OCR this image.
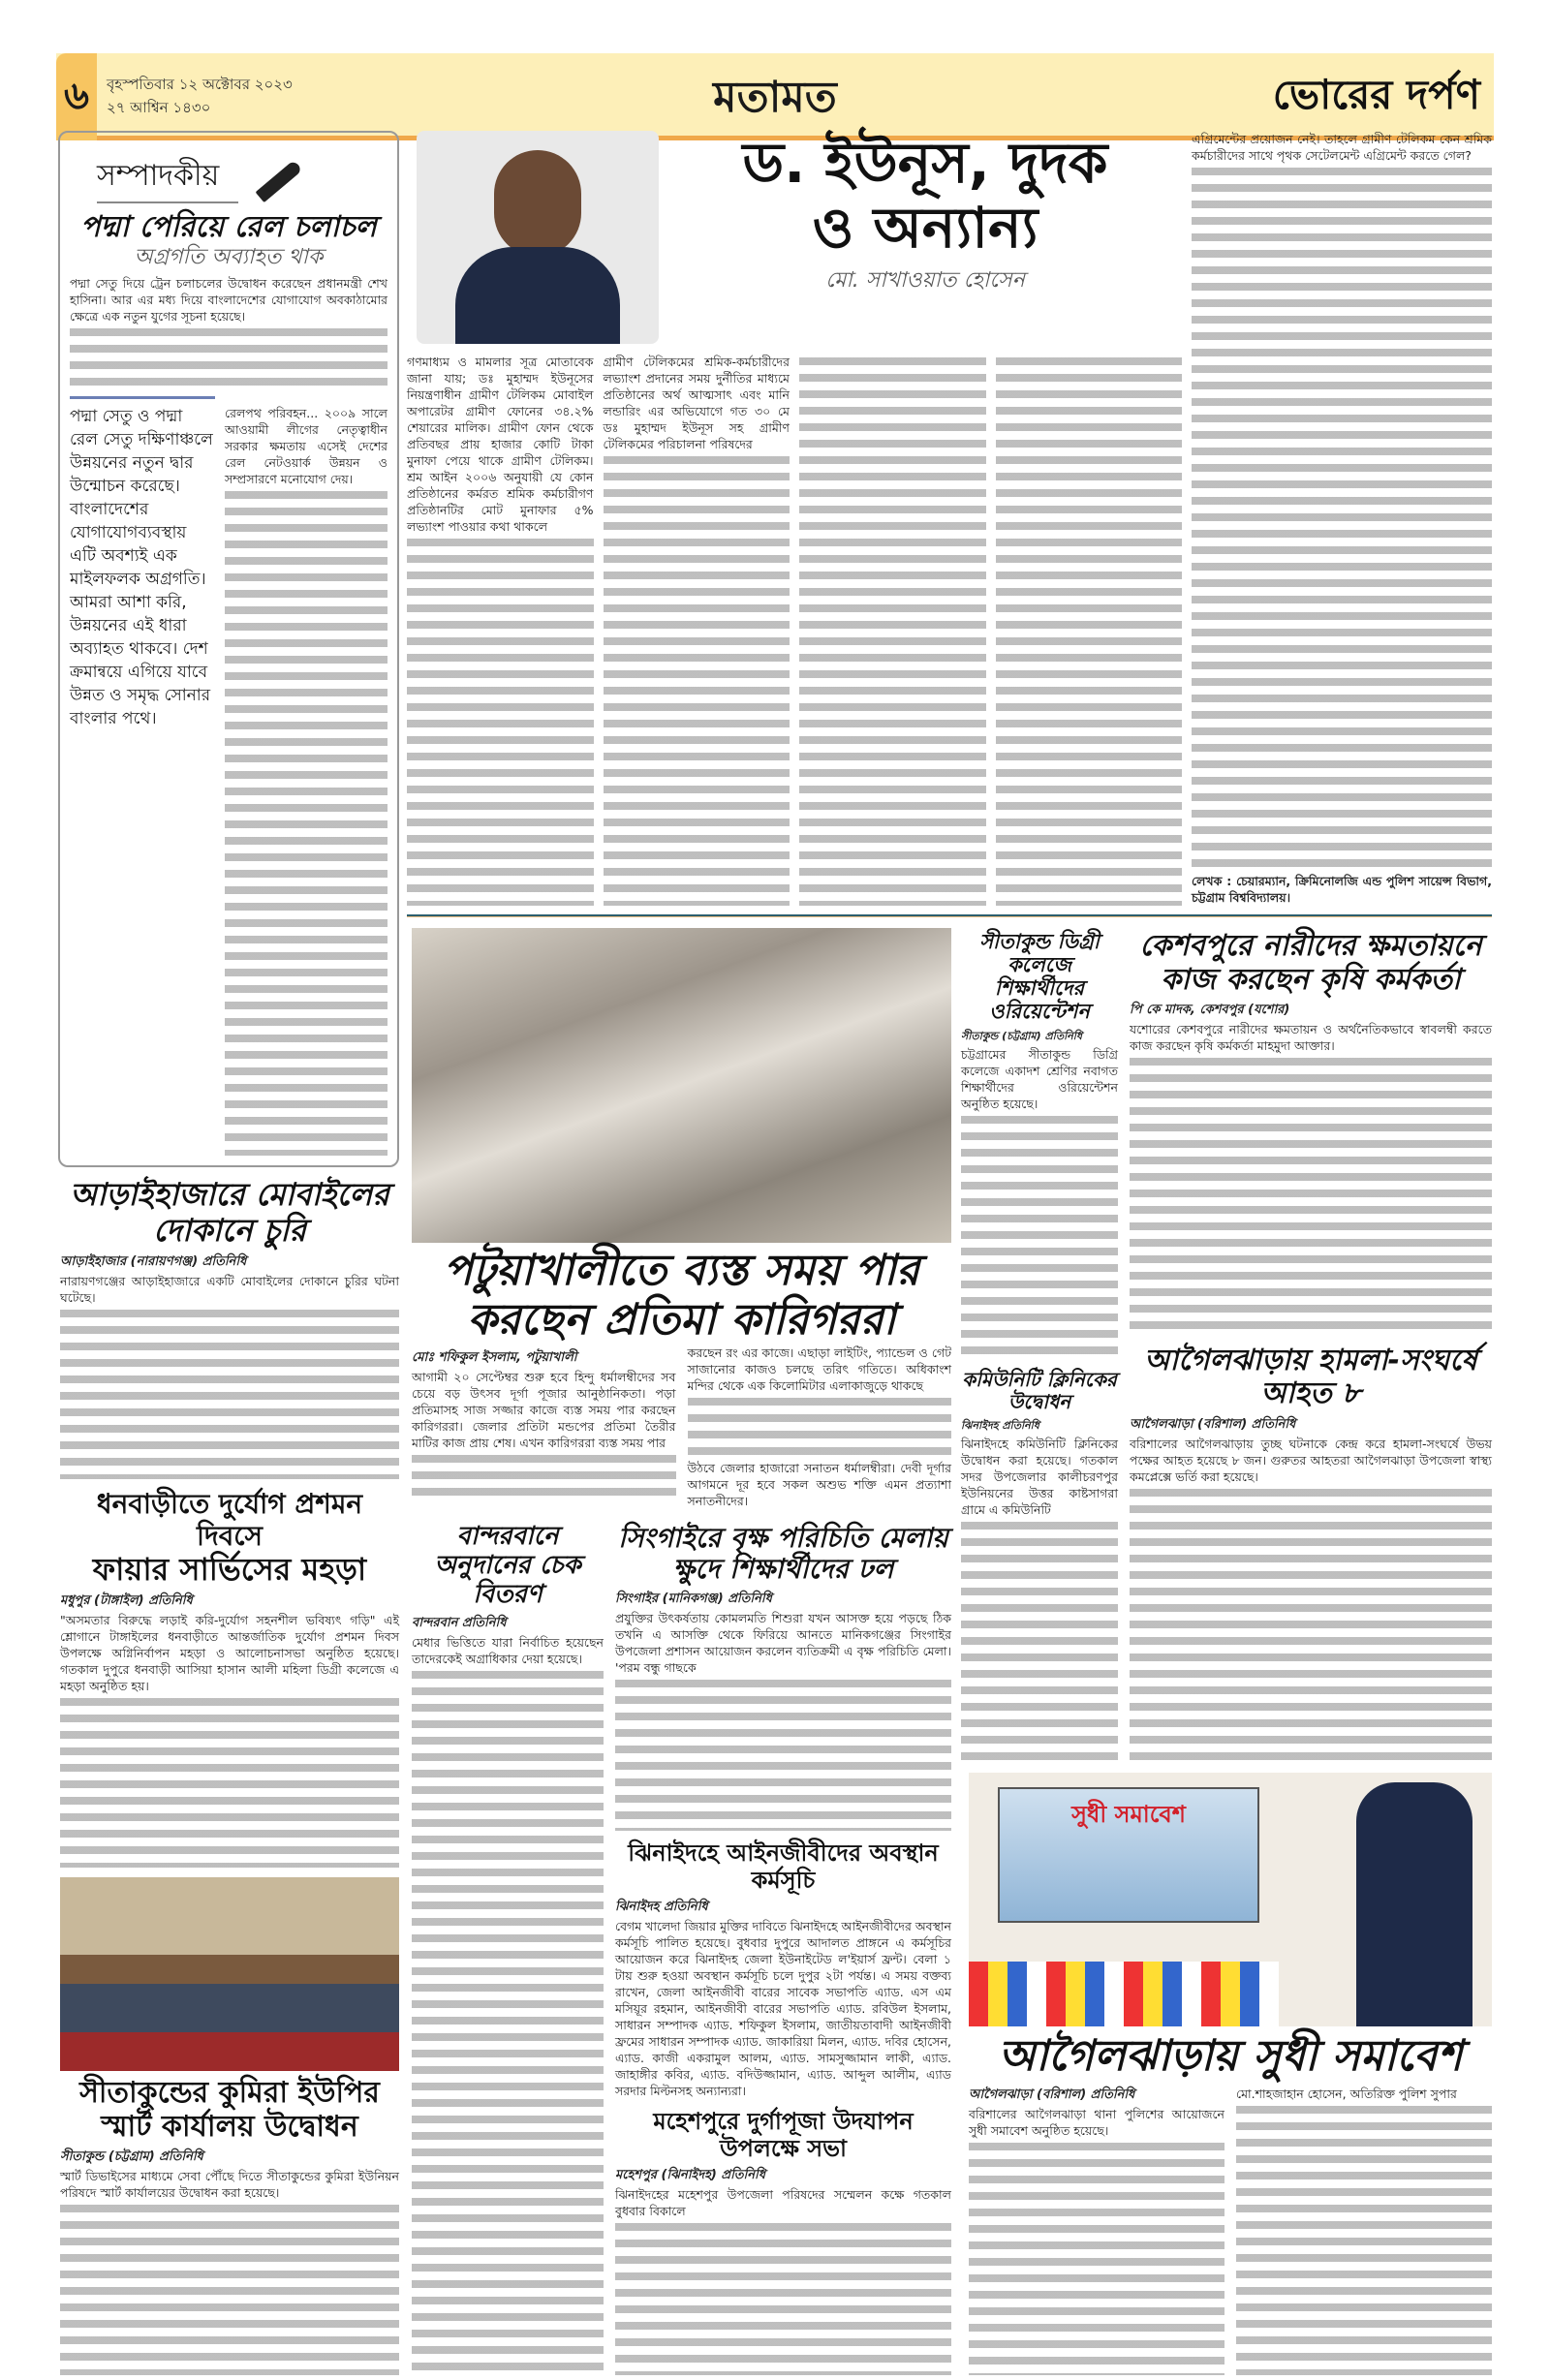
৬	বৃহস্পতিবার ১২ অক্টোবর ২০২৩
২৭ আশ্বিন ১৪৩০	মতামত	ভোরের দর্পণ
সম্পাদকীয়
পদ্মা পেরিয়ে রেল চলাচল
অগ্রগতি অব্যাহত থাক
পদ্মা সেতু দিয়ে ট্রেন চলাচলের উদ্বোধন করেছেন প্রধানমন্ত্রী শেখ হাসিনা। আর এর মধ্য দিয়ে বাংলাদেশের যোগাযোগ অবকাঠামোর ক্ষেত্রে এক নতুন যুগের সূচনা হয়েছে।
পদ্মা সেতু ও পদ্মা রেল সেতু দক্ষিণাঞ্চলে উন্নয়নের নতুন দ্বার উন্মোচন করেছে। বাংলাদেশের যোগাযোগব্যবস্থায় এটি অবশ্যই এক মাইলফলক অগ্রগতি। আমরা আশা করি, উন্নয়নের এই ধারা অব্যাহত থাকবে। দেশ ক্রমান্বয়ে এগিয়ে যাবে উন্নত ও সমৃদ্ধ সোনার বাংলার পথে।
রেলপথ পরিবহন... ২০০৯ সালে আওয়ামী লীগের নেতৃত্বাধীন সরকার ক্ষমতায় এসেই দেশের রেল নেটওয়ার্ক উন্নয়ন ও সম্প্রসারণে মনোযোগ দেয়।
ড. ইউনূস, দুদক
ও অন্যান্য
মো. সাখাওয়াত হোসেন
গণমাধ্যম ও মামলার সূত্র মোতাবেক জানা যায়; ডঃ মুহাম্মদ ইউনূসের নিয়ন্ত্রণাধীন গ্রামীণ টেলিকম মোবাইল অপারেটর গ্রামীণ ফোনের ৩৪.২% শেয়ারের মালিক। গ্রামীণ ফোন থেকে প্রতিবছর প্রায় হাজার কোটি টাকা মুনাফা পেয়ে থাকে গ্রামীণ টেলিকম। শ্রম আইন ২০০৬ অনুযায়ী যে কোন প্রতিষ্ঠানের কর্মরত শ্রমিক কর্মচারীগণ প্রতিষ্ঠানটির মোট মুনাফার ৫% লভ্যাংশ পাওয়ার কথা থাকলে
গ্রামীণ টেলিকমের শ্রমিক-কর্মচারীদের লভ্যাংশ প্রদানের সময় দুর্নীতির মাধ্যমে প্রতিষ্ঠানের অর্থ আত্মসাৎ এবং মানি লন্ডারিং এর অভিযোগে গত ৩০ মে ডঃ মুহাম্মদ ইউনূস সহ গ্রামীণ টেলিকমের পরিচালনা পরিষদের
এগ্রিমেন্টের প্রয়োজন নেই। তাহলে গ্রামীণ টেলিকম কেন শ্রমিক কর্মচারীদের সাথে পৃথক সেটেলমেন্ট এগ্রিমেন্ট করতে গেল?
লেখক : চেয়ারম্যান, ক্রিমিনোলজি এন্ড পুলিশ সায়েন্স বিভাগ, চট্টগ্রাম বিশ্ববিদ্যালয়।
আড়াইহাজারে মোবাইলের দোকানে চুরি
আড়াইহাজার (নারায়ণগঞ্জ) প্রতিনিধি
নারায়ণগঞ্জের আড়াইহাজারে একটি মোবাইলের দোকানে চুরির ঘটনা ঘটেছে।
ধনবাড়ীতে দুর্যোগ প্রশমন দিবসে
ফায়ার সার্ভিসের মহড়া
মধুপুর (টাঙ্গাইল) প্রতিনিধি
"অসমতার বিরুদ্ধে লড়াই করি-দুর্যোগ সহনশীল ভবিষ্যৎ গড়ি" এই শ্লোগানে টাঙ্গাইলের ধনবাড়ীতে আন্তর্জাতিক দুর্যোগ প্রশমন দিবস উপলক্ষে অগ্নিনির্বাপন মহড়া ও আলোচনাসভা অনুষ্ঠিত হয়েছে। গতকাল দুপুরে ধনবাড়ী আসিয়া হাসান আলী মহিলা ডিগ্রী কলেজে এ মহড়া অনুষ্ঠিত হয়।
সীতাকুন্ডের কুমিরা ইউপির স্মার্ট কার্যালয় উদ্বোধন
সীতাকুন্ড (চট্টগ্রাম) প্রতিনিধি
স্মার্ট ডিভাইসের মাধ্যমে সেবা পৌঁছে দিতে সীতাকুন্ডের কুমিরা ইউনিয়ন পরিষদে স্মার্ট কার্যালয়ের উদ্বোধন করা হয়েছে।
পটুয়াখালীতে ব্যস্ত সময় পার করছেন প্রতিমা কারিগররা
মোঃ শফিকুল ইসলাম, পটুয়াখালী
আগামী ২০ সেপ্টেম্বর শুরু হবে হিন্দু ধর্মালম্বীদের সব চেয়ে বড় উৎসব দূর্গা পূজার আনুষ্ঠানিকতা। পড়া প্রতিমাসহ সাজ সজ্জার কাজে ব্যস্ত সময় পার করছেন কারিগররা। জেলার প্রতিটা মন্ডপের প্রতিমা তৈরীর মাটির কাজ প্রায় শেষ। এখন কারিগররা ব্যস্ত সময় পার
করছেন রং এর কাজে। এছাড়া লাইটিং, প্যান্ডেল ও গেট সাজানোর কাজও চলছে তরিৎ গতিতে। অধিকাংশ মন্দির থেকে এক কিলোমিটার এলাকাজুড়ে থাকছে
উঠবে জেলার হাজারো সনাতন ধর্মালম্বীরা। দেবী দূর্গার আগমনে দূর হবে সকল অশুভ শক্তি এমন প্রত্যাশা সনাতনীদের।
বান্দরবানে অনুদানের চেক বিতরণ
বান্দরবান প্রতিনিধি
মেধার ভিত্তিতে যারা নির্বাচিত হয়েছেন তাদেরকেই অগ্রাধিকার দেয়া হয়েছে।
সিংগাইরে বৃক্ষ পরিচিতি মেলায় ক্ষুদে শিক্ষার্থীদের ঢল
সিংগাইর (মানিকগঞ্জ) প্রতিনিধি
প্রযুক্তির উৎকর্ষতায় কোমলমতি শিশুরা যখন আসক্ত হয়ে পড়ছে ঠিক তখনি এ আসক্তি থেকে ফিরিয়ে আনতে মানিকগঞ্জের সিংগাইর উপজেলা প্রশাসন আয়োজন করলেন ব্যতিক্রমী এ বৃক্ষ পরিচিতি মেলা। 'পরম বন্ধু গাছকে
ঝিনাইদহে আইনজীবীদের অবস্থান কর্মসূচি
ঝিনাইদহ প্রতিনিধি
বেগম খালেদা জিয়ার মুক্তির দাবিতে ঝিনাইদহে আইনজীবীদের অবস্থান কর্মসূচি পালিত হয়েছে। বুধবার দুপুরে আদালত প্রাঙ্গনে এ কর্মসূচির আয়োজন করে ঝিনাইদহ জেলা ইউনাইটেড ল'ইয়ার্স ফ্রন্ট। বেলা ১ টায় শুরু হওয়া অবস্থান কর্মসূচি চলে দুপুর ২টা পর্যন্ত। এ সময় বক্তব্য রাখেন, জেলা আইনজীবী বারের সাবেক সভাপতি এ্যাড. এস এম মসিয়ূর রহমান, আইনজীবী বারের সভাপতি এ্যাড. রবিউল ইসলাম, সাধারন সম্পাদক এ্যাড. শফিকুল ইসলাম, জাতীয়তাবাদী আইনজীবী ফ্রমের সাধারন সম্পাদক এ্যাড. জাকারিয়া মিলন, এ্যাড. দবির হোসেন, এ্যাড. কাজী একরামুল আলম, এ্যাড. সামসুজ্জামান লাকী, এ্যাড. জাহাঙ্গীর কবির, এ্যাড. বদিউজ্জামান, এ্যাড. আব্দুল আলীম, এ্যাড সরদার মিল্টনসহ অন্যান্যরা।
মহেশপুরে দুর্গাপূজা উদযাপন উপলক্ষে সভা
মহেশপুর (ঝিনাইদহ) প্রতিনিধি
ঝিনাইদহের মহেশপুর উপজেলা পরিষদের সম্মেলন কক্ষে গতকাল বুধবার বিকালে
সীতাকুন্ড ডিগ্রী কলেজে শিক্ষার্থীদের ওরিয়েন্টেশন
সীতাকুন্ড (চট্টগ্রাম) প্রতিনিধি
চট্টগ্রামের সীতাকুন্ড ডিগ্রি কলেজে একাদশ শ্রেণির নবাগত শিক্ষার্থীদের ওরিয়েন্টেশন অনুষ্ঠিত হয়েছে।
কমিউনিটি ক্লিনিকের উদ্বোধন
ঝিনাইদহ প্রতিনিধি
ঝিনাইদহে কমিউনিটি ক্লিনিকের উদ্বোধন করা হয়েছে। গতকাল সদর উপজেলার কালীচরণপুর ইউনিয়নের উত্তর কাষ্টসাগরা গ্রামে এ কমিউনিটি
কেশবপুরে নারীদের ক্ষমতায়নে কাজ করছেন কৃষি কর্মকর্তা
পি কে মাদক, কেশবপুর (যশোর)
যশোরের কেশবপুরে নারীদের ক্ষমতায়ন ও অর্থনৈতিকভাবে স্বাবলম্বী করতে কাজ করছেন কৃষি কর্মকর্তা মাহমুদা আক্তার।
আগৈলঝাড়ায় হামলা-সংঘর্ষে আহত ৮
আগৈলঝাড়া (বরিশাল) প্রতিনিধি
বরিশালের আগৈলঝাড়ায় তুচ্ছ ঘটনাকে কেন্দ্র করে হামলা-সংঘর্ষে উভয় পক্ষের আহত হয়েছে ৮ জন। গুরুতর আহতরা আগৈলঝাড়া উপজেলা স্বাস্থ্য কমপ্লেক্সে ভর্তি করা হয়েছে।
সুধী সমাবেশ
আগৈলঝাড়ায় সুধী সমাবেশ
আগৈলঝাড়া (বরিশাল) প্রতিনিধি
বরিশালের আগৈলঝাড়া থানা পুলিশের আয়োজনে সুধী সমাবেশ অনুষ্ঠিত হয়েছে।
মো.শাহজাহান হোসেন, অতিরিক্ত পুলিশ সুপার
